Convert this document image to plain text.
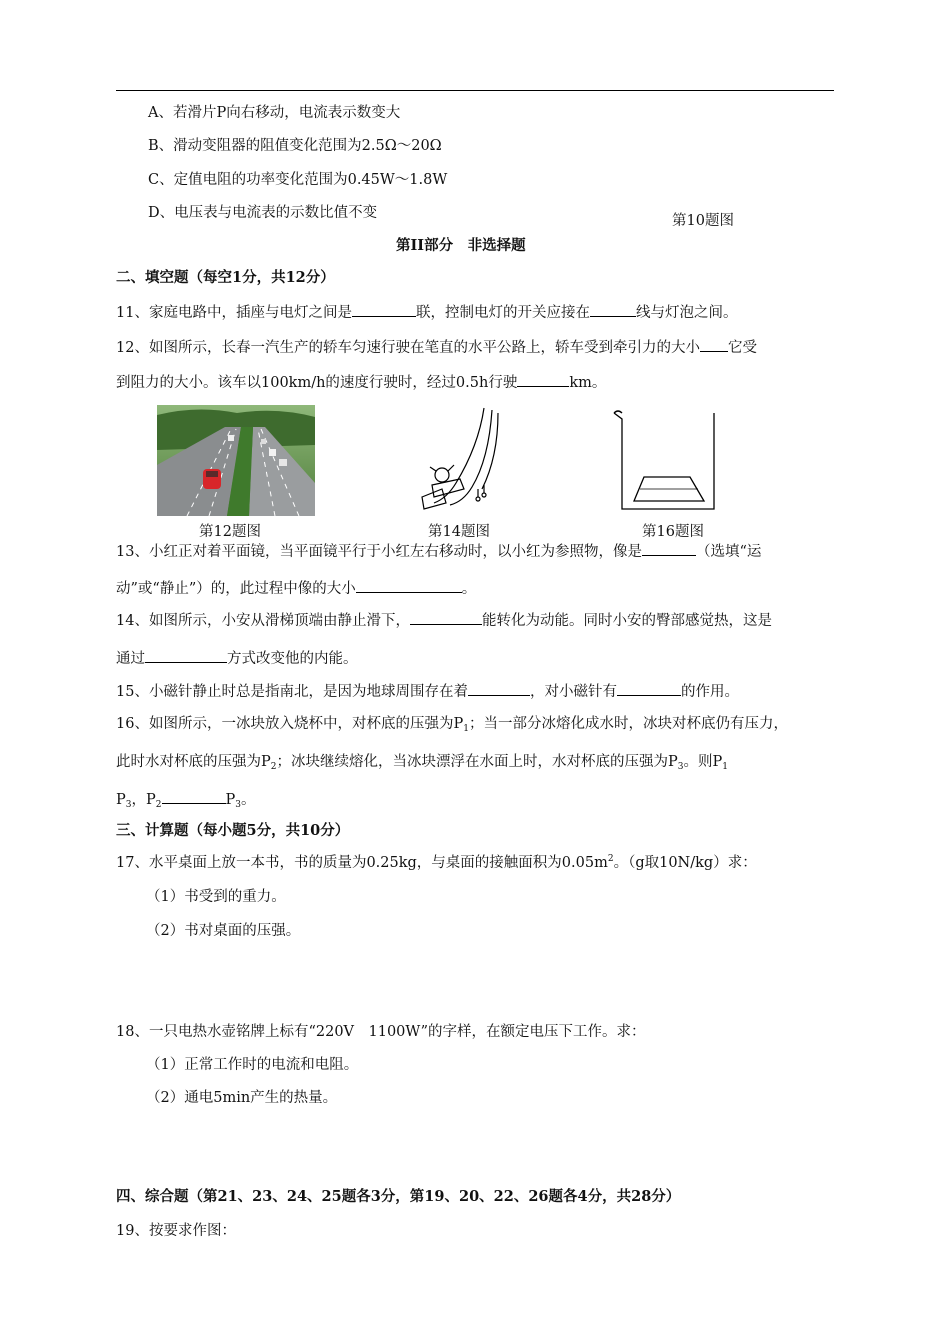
A、若滑片P向右移动，电流表示数变大
B、滑动变阻器的阻值变化范围为2.5Ω～20Ω
C、定值电阻的功率变化范围为0.45W～1.8W
D、电压表与电流表的示数比值不变	第10题图
第II部分　非选择题
二、填空题（每空1分，共12分）
11、家庭电路中，插座与电灯之间是	联，控制电灯的开关应接在	线与灯泡之间。
12、如图所示，长春一汽生产的轿车匀速行驶在笔直的水平公路上，轿车受到牵引力的大小 它受
到阻力的大小。该车以100km/h的速度行驶时，经过0.5h行驶	km。
第12题图	第14题图	第16题图
13、小红正对着平面镜，当平面镜平行于小红左右移动时，以小红为参照物，像是	（选填“运
动”或“静止”）的，此过程中像的大小	。
14、如图所示，小安从滑梯顶端由静止滑下，	能转化为动能。同时小安的臀部感觉热，这是
通过	方式改变他的内能。
15、小磁针静止时总是指南北，是因为地球周围存在着	，对小磁针有	的作用。
16、如图所示，一冰块放入烧杯中，对杯底的压强为$P_1$；当一部分冰熔化成水时，冰块对杯底仍有压力，
此时水对杯底的压强为$P_2$；冰块继续熔化，当冰块漂浮在水面上时，水对杯底的压强为$P_3$。则$P_1$
$P_3$，$P_2$	$P_3$。
三、计算题（每小题5分，共10分）
17、水平桌面上放一本书，书的质量为0.25kg，与桌面的接触面积为$0.05m^2$。（g取10N/kg）求：
（1）书受到的重力。
（2）书对桌面的压强。
18、一只电热水壶铭牌上标有“220V　1100W”的字样，在额定电压下工作。求：
（1）正常工作时的电流和电阻。
（2）通电5min产生的热量。
四、综合题（第21、23、24、25题各3分，第19、20、22、26题各4分，共28分）
19、按要求作图：
